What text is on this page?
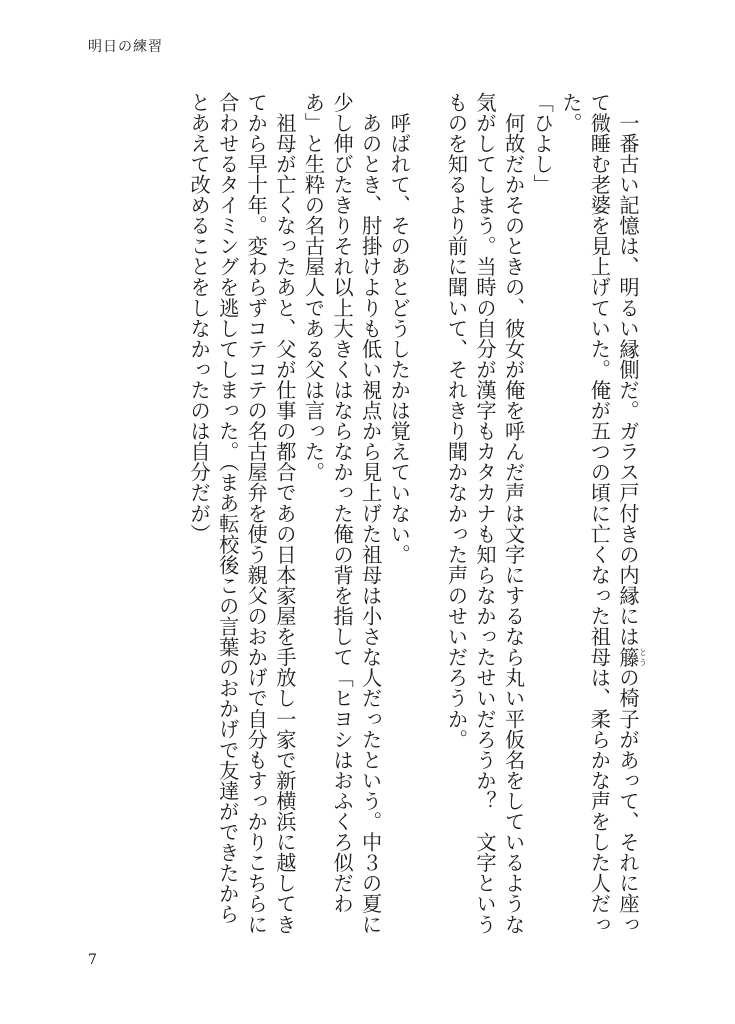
明日の練習

　一番古い記憶は、明るい縁側だ。ガラス戸付きの内縁には籐とうの椅子があって、それに座って微睡む老婆を見上げていた。俺が五つの頃に亡くなった祖母は、柔らかな声をした人だった。

「ひよし」

　何故だかそのときの、彼女が俺を呼んだ声は文字にするなら丸い平仮名をしているような気がしてしまう。当時の自分が漢字もカタカナも知らなかったせいだろうか？　文字というものを知るより前に聞いて、それきり聞かなかった声のせいだろうか。

　呼ばれて、そのあとどうしたかは覚えていない。

　あのとき、肘掛けよりも低い視点から見上げた祖母は小さな人だったという。中３の夏に少し伸びたきりそれ以上大きくはならなかった俺の背を指して「ヒヨシはおふくろ似だわあ」と生粋の名古屋人である父は言った。

　祖母が亡くなったあと、父が仕事の都合であの日本家屋を手放し一家で新横浜に越してきてから早十年。変わらずコテコテの名古屋弁を使う親父のおかげで自分もすっかりこちらに合わせるタイミングを逃してしまった。（まあ転校後この言葉のおかげで友達ができたからとあえて改めることをしなかったのは自分だが）

7
